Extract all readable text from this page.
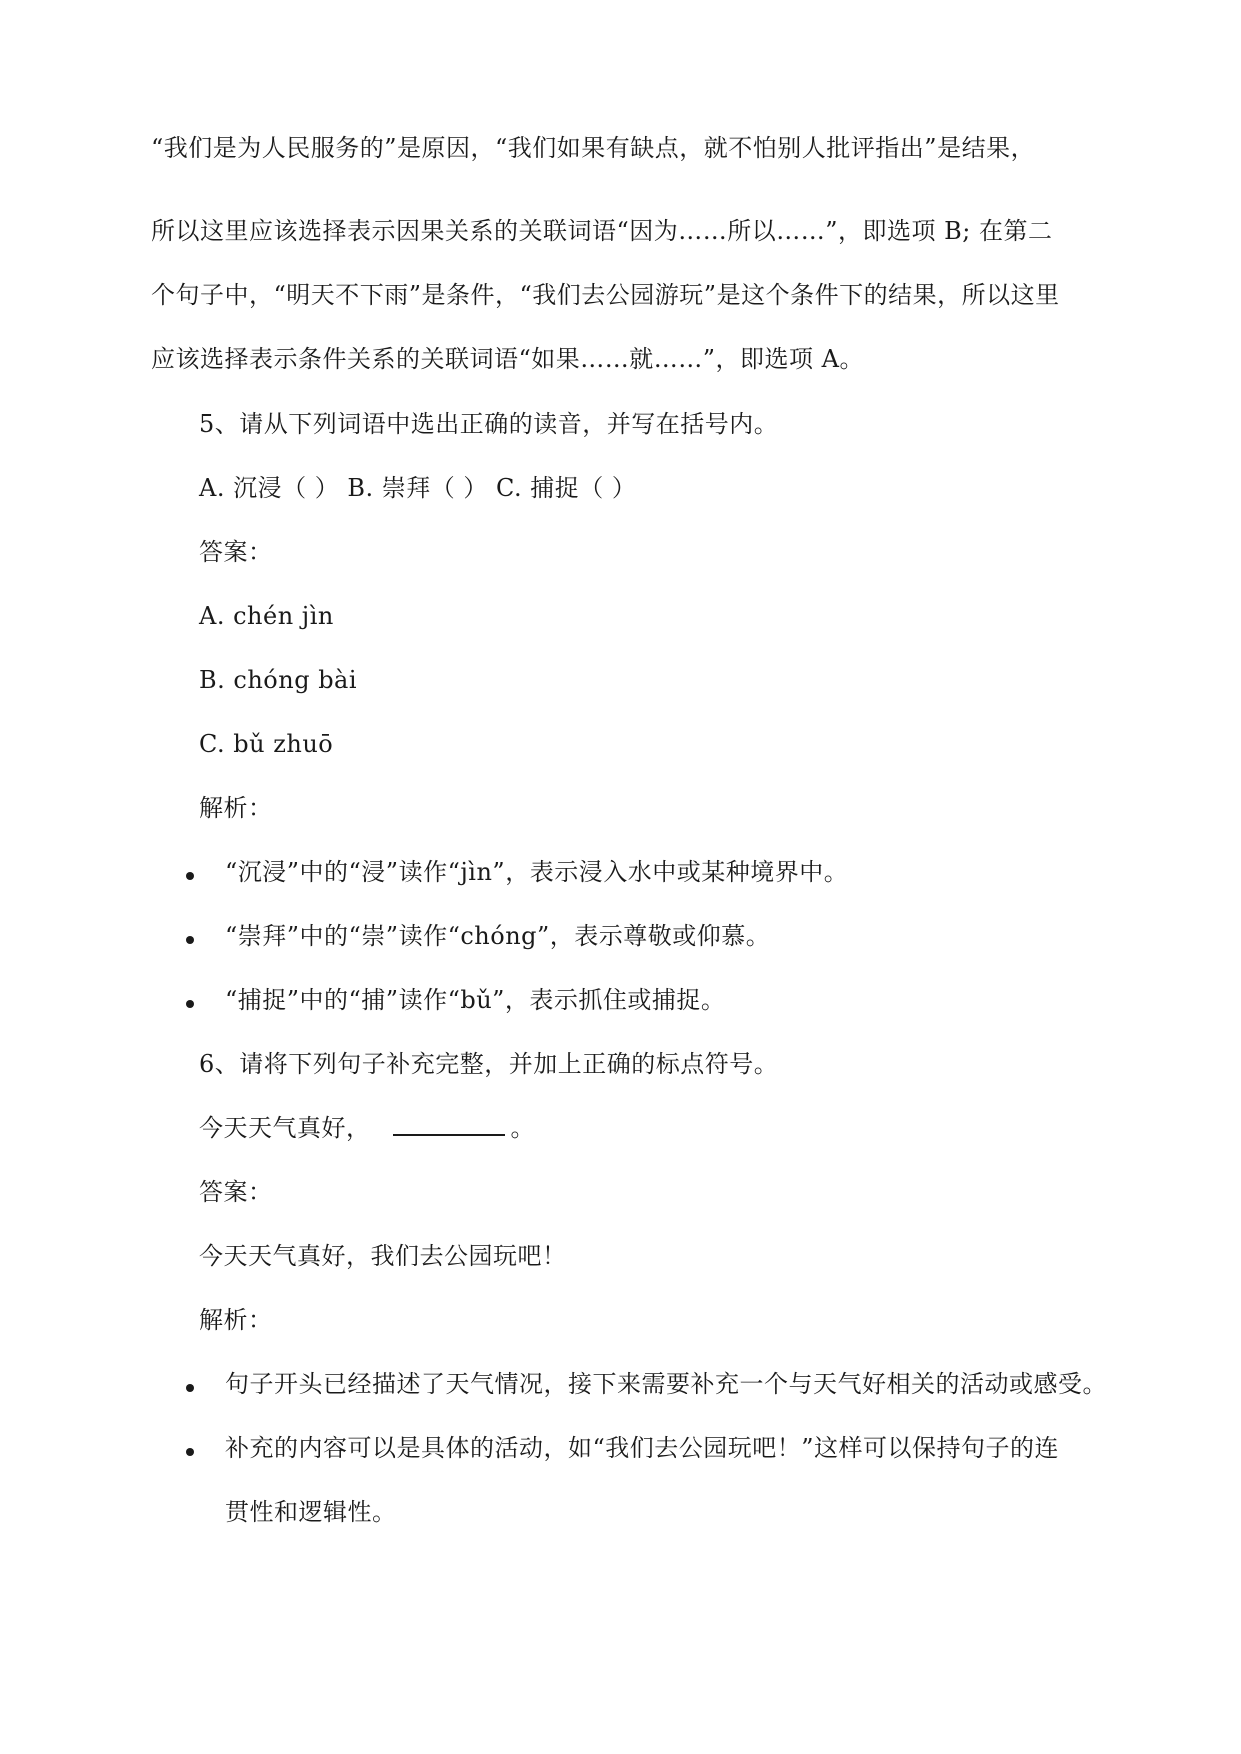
“我们是为人民服务的”是原因，“我们如果有缺点，就不怕别人批评指出”是结果，
所以这里应该选择表示因果关系的关联词语“因为……所以……”，即选项 B; 在第二
个句子中，“明天不下雨”是条件，“我们去公园游玩”是这个条件下的结果，所以这里
应该选择表示条件关系的关联词语“如果……就……”，即选项 A。
5、请从下列词语中选出正确的读音，并写在括号内。
A. 沉浸（ ） B. 崇拜（ ） C. 捕捉（ ）
答案：
A. chén jìn
B. chóng bài
C. bǔ zhuō
解析：
“沉浸”中的“浸”读作“jìn”，表示浸入水中或某种境界中。
“崇拜”中的“崇”读作“chóng”，表示尊敬或仰慕。
“捕捉”中的“捕”读作“bǔ”，表示抓住或捕捉。
6、请将下列句子补充完整，并加上正确的标点符号。
今天天气真好，	。
答案：
今天天气真好，我们去公园玩吧！
解析：
句子开头已经描述了天气情况，接下来需要补充一个与天气好相关的活动或感受。
补充的内容可以是具体的活动，如“我们去公园玩吧！”这样可以保持句子的连
贯性和逻辑性。
